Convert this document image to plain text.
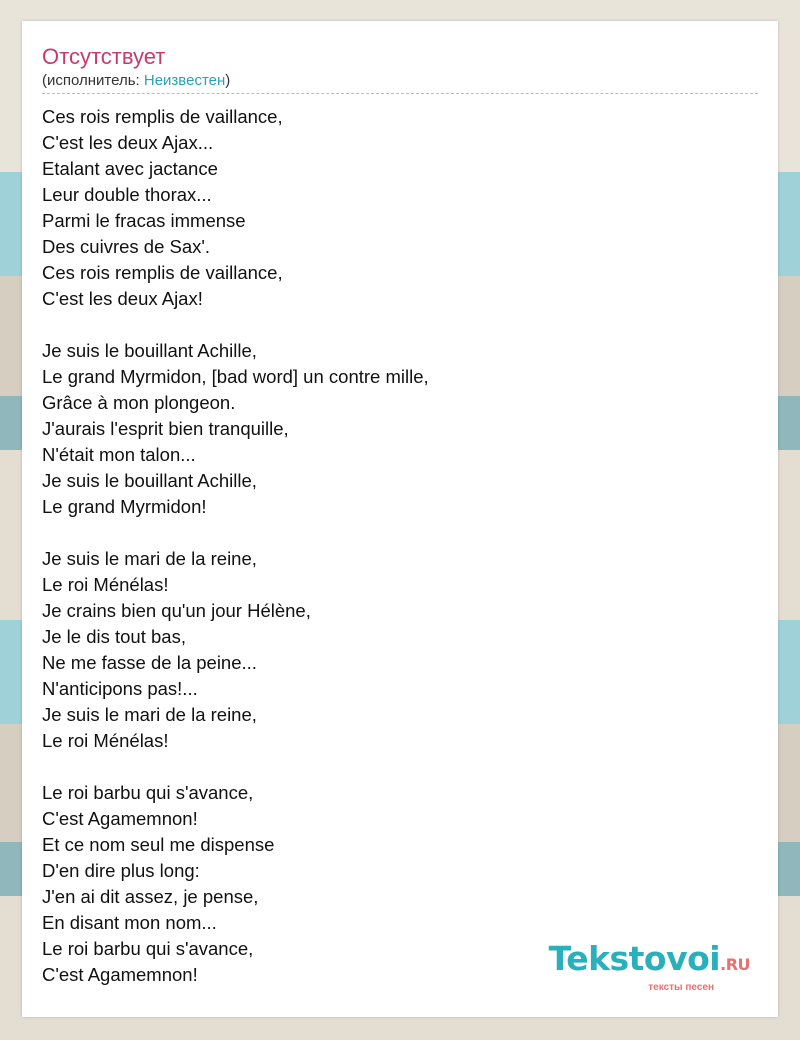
Отсутствует
(исполнитель: Неизвестен)
Ces rois remplis de vaillance,
C'est les deux Ajax...
Etalant avec jactance
Leur double thorax...
Parmi le fracas immense
Des cuivres de Sax'.
Ces rois remplis de vaillance,
C'est les deux Ajax!
Je suis le bouillant Achille,
Le grand Myrmidon, [bad word] un contre mille,
Grâce à mon plongeon.
J'aurais l'esprit bien tranquille,
N'était mon talon...
Je suis le bouillant Achille,
Le grand Myrmidon!
Je suis le mari de la reine,
Le roi Ménélas!
Je crains bien qu'un jour Hélène,
Je le dis tout bas,
Ne me fasse de la peine...
N'anticipons pas!...
Je suis le mari de la reine,
Le roi Ménélas!
Le roi barbu qui s'avance,
C'est Agamemnon!
Et ce nom seul me dispense
D'en dire plus long:
J'en ai dit assez, je pense,
En disant mon nom...
Le roi barbu qui s'avance,
C'est Agamemnon!	Tekstovoi.RU
тексты песен
